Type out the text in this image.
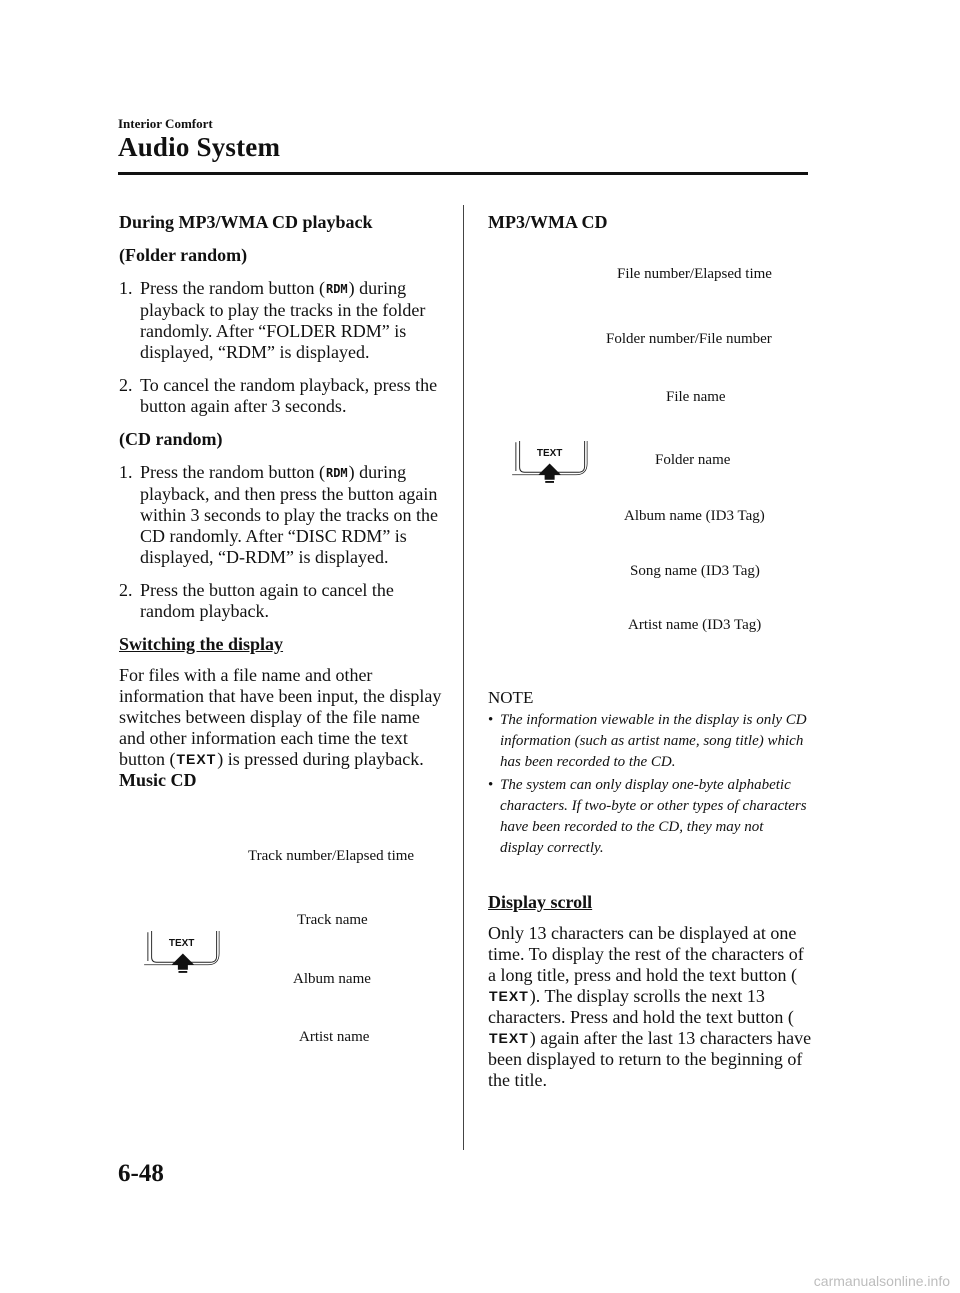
Interior Comfort
Audio System
During MP3/WMA CD playback
(Folder random)
1. Press the random button (RDM) during playback to play the tracks in the folder randomly. After “FOLDER RDM” is displayed, “RDM” is displayed.
2. To cancel the random playback, press the button again after 3 seconds.
(CD random)
1. Press the random button (RDM) during playback, and then press the button again within 3 seconds to play the tracks on the CD randomly. After “DISC RDM” is displayed, “D-RDM” is displayed.
2. Press the button again to cancel the random playback.
Switching the display
For files with a file name and other information that have been input, the display switches between display of the file name and other information each time the text button (TEXT) is pressed during playback.
Music CD
Track number/Elapsed time
Track name
Album name
Artist name
TEXT
MP3/WMA CD
File number/Elapsed time
Folder number/File number
File name
Folder name
Album name (ID3 Tag)
Song name (ID3 Tag)
Artist name (ID3 Tag)
TEXT
NOTE
• The information viewable in the display is only CD information (such as artist name, song title) which has been recorded to the CD.
• The system can only display one-byte alphabetic characters. If two-byte or other types of characters have been recorded to the CD, they may not display correctly.
Display scroll
Only 13 characters can be displayed at one time. To display the rest of the characters of a long title, press and hold the text button (TEXT). The display scrolls the next 13 characters. Press and hold the text button (TEXT) again after the last 13 characters have been displayed to return to the beginning of the title.
6-48
carmanualsonline.info
